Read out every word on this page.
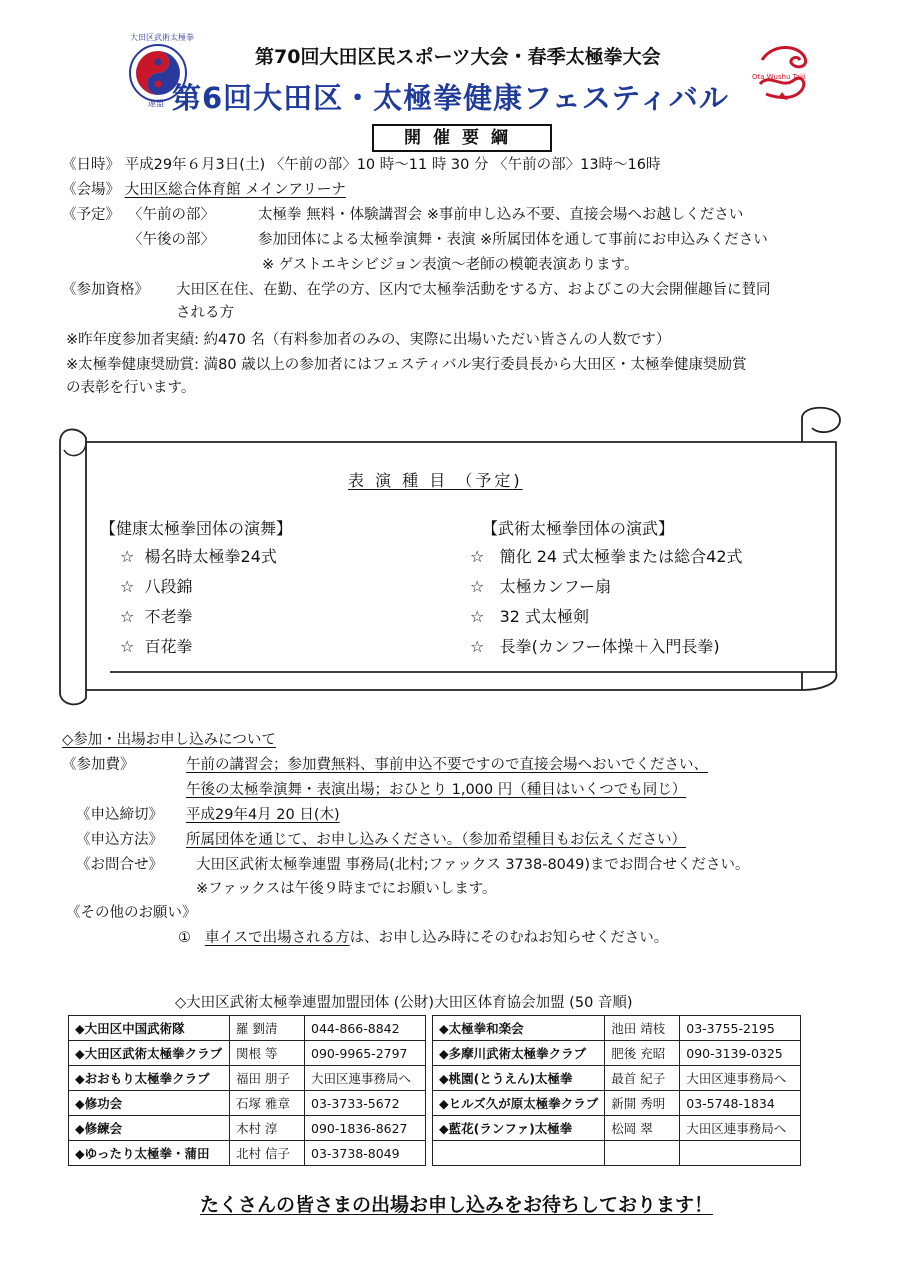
大田区武術太極拳
連盟
Ota Wushu Taiji
第70回大田区民スポーツ大会・春季太極拳大会
第6回大田区・太極拳健康フェスティバル
開催要綱
《日時》 平成29年６月3日(土) 〈午前の部〉10 時～11 時 30 分 〈午前の部〉13時～16時
《会場》 大田区総合体育館 メインアリーナ
《予定》 〈午前の部〉	太極拳 無料・体験講習会 ※事前申し込み不要、直接会場へお越しください
〈午後の部〉	参加団体による太極拳演舞・表演 ※所属団体を通して事前にお申込みください
※ ゲストエキシビジョン表演～老師の模範表演あります。
《参加資格》 大田区在住、在勤、在学の方、区内で太極拳活動をする方、およびこの大会開催趣旨に賛同
される方
※昨年度参加者実績: 約470 名（有料参加者のみの、実際に出場いただい皆さんの人数です）
※太極拳健康奨励賞: 満80 歳以上の参加者にはフェスティバル実行委員長から大田区・太極拳健康奨励賞
の表彰を行います。
表 演 種 目 （予定)
【健康太極拳団体の演舞】	【武術太極拳団体の演武】
☆ 楊名時太極拳24式
☆ 八段錦
☆ 不老拳
☆ 百花拳
☆ 簡化 24 式太極拳または総合42式
☆ 太極カンフー扇
☆ 32 式太極剣
☆ 長拳(カンフー体操＋入門長拳)
◇参加・出場お申し込みについて
《参加費》	午前の講習会；参加費無料、事前申込不要ですので直接会場へおいでください、
午後の太極拳演舞・表演出場；おひとり 1,000 円（種目はいくつでも同じ）
《申込締切》 平成29年4月 20 日(木)
《申込方法》 所属団体を通じて、お申し込みください。（参加希望種目もお伝えください）
《お問合せ》 大田区武術太極拳連盟 事務局(北村;ファックス 3738-8049)までお問合せください。
※ファックスは午後９時までにお願いします。
《その他のお願い》
① 車イスで出場される方は、お申し込み時にそのむねお知らせください。
◇大田区武術太極拳連盟加盟団体 (公財)大田区体育協会加盟 (50 音順)
◆大田区中国武術隊	羅 劉清	044-866-8842		◆太極拳和楽会	池田 靖枝	03-3755-2195
◆大田区武術太極拳クラブ	関根 等	090-9965-2797		◆多摩川武術太極拳クラブ	肥後 充昭	090-3139-0325
◆おおもり太極拳クラブ	福田 朋子	大田区連事務局へ		◆桃園(とうえん)太極拳	最首 紀子	大田区連事務局へ
◆修功会	石塚 雅章	03-3733-5672		◆ヒルズ久が原太極拳クラブ	新開 秀明	03-5748-1834
◆修練会	木村 淳	090-1836-8627		◆藍花(ランファ)太極拳	松岡 翠	大田区連事務局へ
◆ゆったり太極拳・蒲田	北村 信子	03-3738-8049				
たくさんの皆さまの出場お申し込みをお待ちしております！
